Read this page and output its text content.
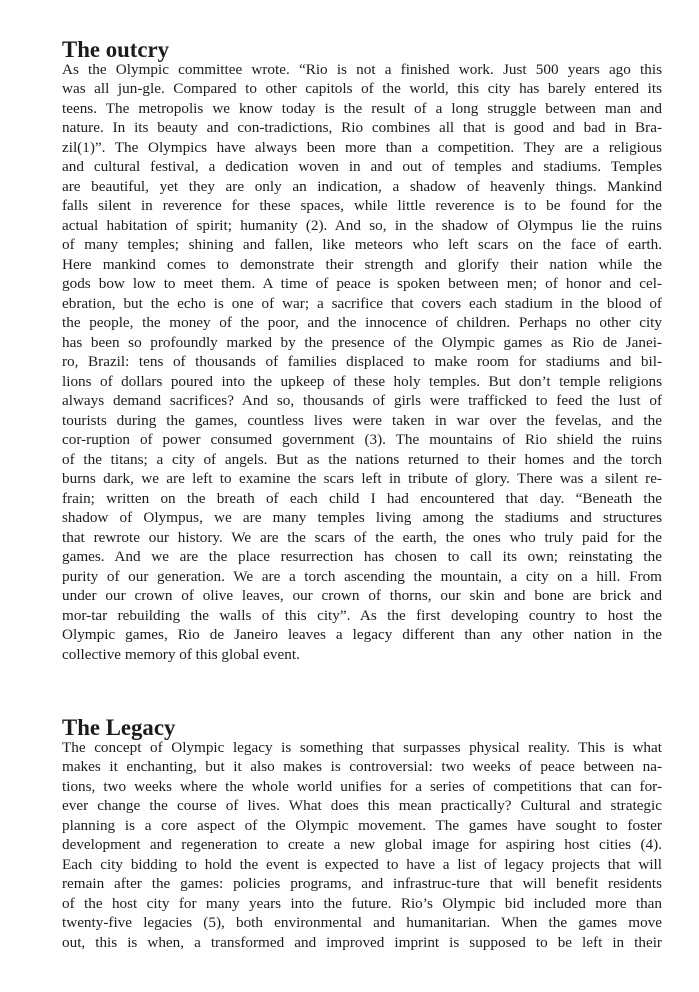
The outcry
As the Olympic committee wrote. “Rio is not a finished work. Just 500 years ago this
was all jun-gle. Compared to other capitols of the world, this city has barely entered its
teens. The metropolis we know today is the result of a long struggle between man and
nature. In its beauty and con-tradictions, Rio combines all that is good and bad in Bra-
zil(1)”. The Olympics have always been more than a competition. They are a religious
and cultural festival, a dedication woven in and out of temples and stadiums. Temples
are beautiful, yet they are only an indication, a shadow of heavenly things. Mankind
falls silent in reverence for these spaces, while little reverence is to be found for the
actual habitation of spirit; humanity (2). And so, in the shadow of Olympus lie the ruins
of many temples; shining and fallen, like meteors who left scars on the face of earth.
Here mankind comes to demonstrate their strength and glorify their nation while the
gods bow low to meet them. A time of peace is spoken between men; of honor and cel-
ebration, but the echo is one of war; a sacrifice that covers each stadium in the blood of
the people, the money of the poor, and the innocence of children. Perhaps no other city
has been so profoundly marked by the presence of the Olympic games as Rio de Janei-
ro, Brazil: tens of thousands of families displaced to make room for stadiums and bil-
lions of dollars poured into the upkeep of these holy temples. But don’t temple religions
always demand sacrifices? And so, thousands of girls were trafficked to feed the lust of
tourists during the games, countless lives were taken in war over the fevelas, and the
cor-ruption of power consumed government (3). The mountains of Rio shield the ruins
of the titans; a city of angels. But as the nations returned to their homes and the torch
burns dark, we are left to examine the scars left in tribute of glory. There was a silent re-
frain; written on the breath of each child I had encountered that day. “Beneath the
shadow of Olympus, we are many temples living among the stadiums and structures
that rewrote our history. We are the scars of the earth, the ones who truly paid for the
games. And we are the place resurrection has chosen to call its own; reinstating the
purity of our generation. We are a torch ascending the mountain, a city on a hill. From
under our crown of olive leaves, our crown of thorns, our skin and bone are brick and
mor-tar rebuilding the walls of this city”. As the first developing country to host the
Olympic games, Rio de Janeiro leaves a legacy different than any other nation in the
collective memory of this global event.
The Legacy
The concept of Olympic legacy is something that surpasses physical reality. This is what
makes it enchanting, but it also makes is controversial: two weeks of peace between na-
tions, two weeks where the whole world unifies for a series of competitions that can for-
ever change the course of lives. What does this mean practically? Cultural and strategic
planning is a core aspect of the Olympic movement. The games have sought to foster
development and regeneration to create a new global image for aspiring host cities (4).
Each city bidding to hold the event is expected to have a list of legacy projects that will
remain after the games: policies programs, and infrastruc-ture that will benefit residents
of the host city for many years into the future. Rio’s Olympic bid included more than
twenty-five legacies (5), both environmental and humanitarian. When the games move
out, this is when, a transformed and improved imprint is supposed to be left in their
